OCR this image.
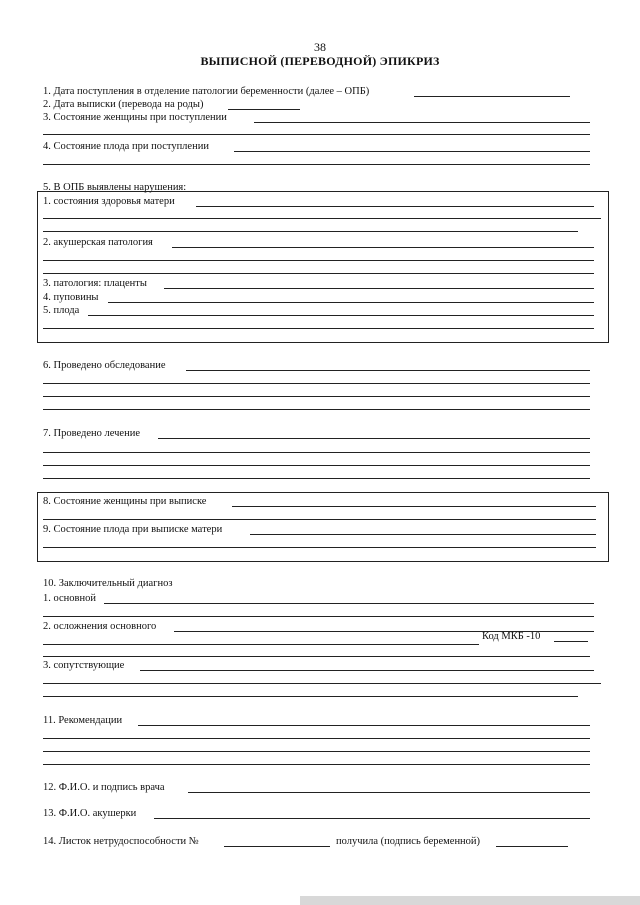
38
ВЫПИСНОЙ (ПЕРЕВОДНОЙ) ЭПИКРИЗ
1. Дата поступления в отделение патологии беременности (далее – ОПБ)
2. Дата выписки (перевода на роды)
3. Состояние женщины при поступлении
4. Состояние плода при поступлении
5. В ОПБ выявлены нарушения:
1. состояния здоровья матери
2. акушерская патология
3. патология: плаценты
4. пуповины
5. плода
6. Проведено обследование
7. Проведено лечение
8. Состояние женщины при выписке
9. Состояние плода при выписке матери
10. Заключительный диагноз
1. основной
2. осложнения основного
Код МКБ -10
3. сопутствующие
11. Рекомендации
12. Ф.И.О. и подпись врача
13. Ф.И.О. акушерки
14. Листок нетрудоспособности №	получила (подпись беременной)
